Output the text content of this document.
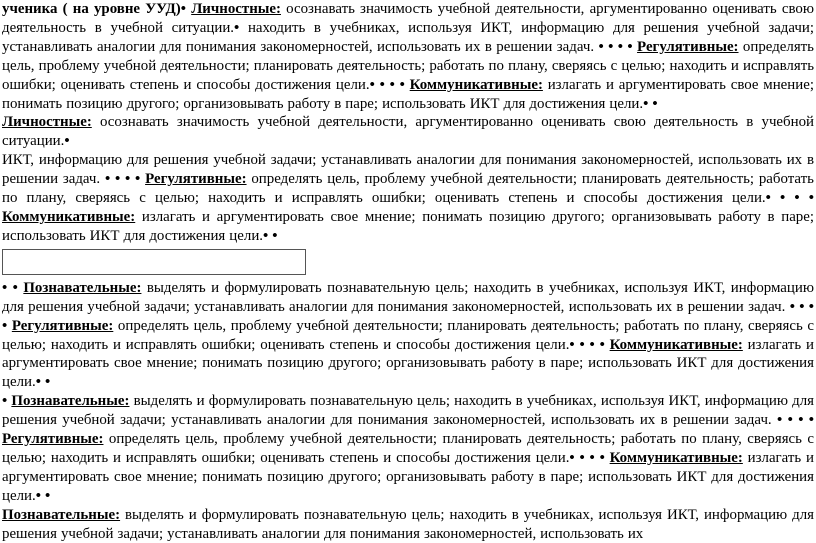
ученика ( на уровне УУД)• Личностные: осознавать значимость учебной деятельности, аргументированно оценивать свою деятельность в учебной ситуации.• находить в учебниках, используя ИКТ, информацию для решения учебной задачи; устанавливать аналогии для понимания закономерностей, использовать их в решении задач. • • • • Регулятивные: определять цель, проблему учебной деятельности; планировать деятельность; работать по плану, сверяясь с целью; находить и исправлять ошибки; оценивать степень и способы достижения цели.• • • • Коммуникативные: излагать и аргументировать свое мнение; понимать позицию другого; организовывать работу в паре; использовать ИКТ для достижения цели.• •

Личностные: осознавать значимость учебной деятельности, аргументированно оценивать свою деятельность в учебной ситуации.•

ИКТ, информацию для решения учебной задачи; устанавливать аналогии для понимания закономерностей, использовать их в решении задач. • • • • Регулятивные: определять цель, проблему учебной деятельности; планировать деятельность; работать по плану, сверяясь с целью; находить и исправлять ошибки; оценивать степень и способы достижения цели.• • • • Коммуникативные: излагать и аргументировать свое мнение; понимать позицию другого; организовывать работу в паре; использовать ИКТ для достижения цели.• •

• • Познавательные: выделять и формулировать познавательную цель; находить в учебниках, используя ИКТ, информацию для решения учебной задачи; устанавливать аналогии для понимания закономерностей, использовать их в решении задач. • • • • Регулятивные: определять цель, проблему учебной деятельности; планировать деятельность; работать по плану, сверяясь с целью; находить и исправлять ошибки; оценивать степень и способы достижения цели.• • • • Коммуникативные: излагать и аргументировать свое мнение; понимать позицию другого; организовывать работу в паре; использовать ИКТ для достижения цели.• •

• Познавательные: выделять и формулировать познавательную цель; находить в учебниках, используя ИКТ, информацию для решения учебной задачи; устанавливать аналогии для понимания закономерностей, использовать их в решении задач. • • • • Регулятивные: определять цель, проблему учебной деятельности; планировать деятельность; работать по плану, сверяясь с целью; находить и исправлять ошибки; оценивать степень и способы достижения цели.• • • • Коммуникативные: излагать и аргументировать свое мнение; понимать позицию другого; организовывать работу в паре; использовать ИКТ для достижения цели.• •

Познавательные: выделять и формулировать познавательную цель; находить в учебниках, используя ИКТ, информацию для решения учебной задачи; устанавливать аналогии для понимания закономерностей, использовать их
